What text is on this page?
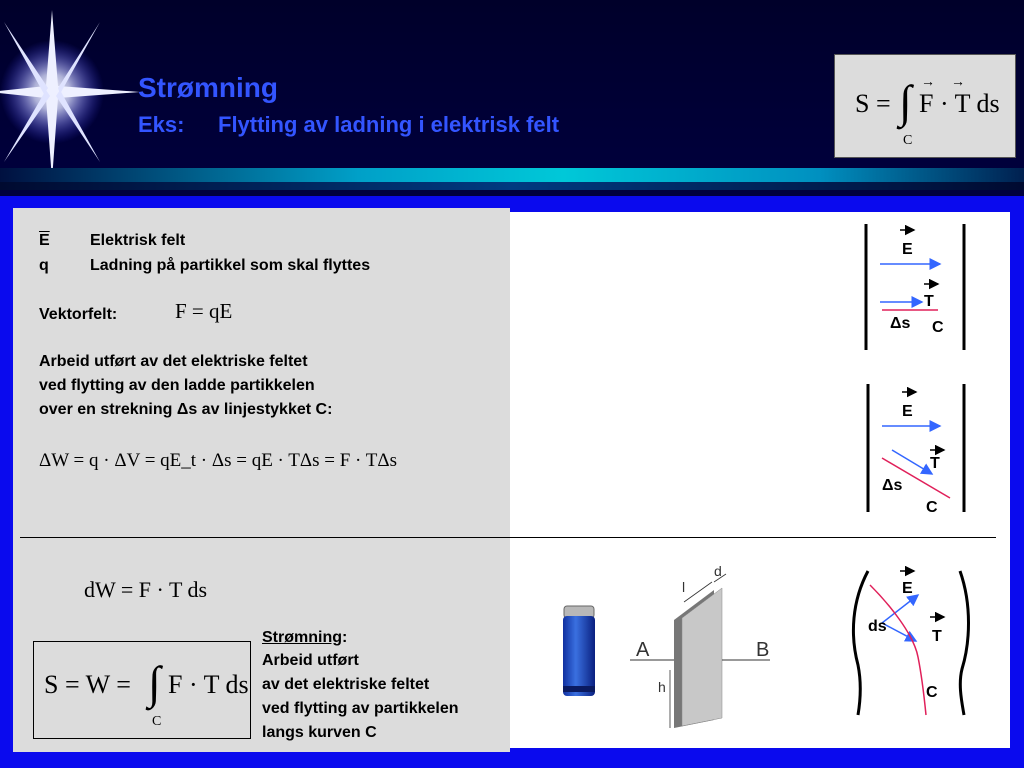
Strømning
Eks: Flytting av ladning i elektrisk felt
S = ∫ F · T ds
C
→ →
$\overline{E}$	Elektrisk felt
q	Ladning på partikkel som skal flyttes
Vektorfelt:	F = qE
Arbeid utført av det elektriske feltet
ved flytting av den ladde partikkelen
over en strekning Δs av linjestykket C:
ΔW = q · ΔV = qE_t · Δs = qE · TΔs = F · TΔs
dW = F · T ds
S = W = ∫ F · T ds
C
Strømning:
Arbeid utført
av det elektriske feltet
ved flytting av partikkelen
langs kurven C
A	B
l
d
h
E
T
Δs C
E
T
Δs
C
E
T
ds
C
